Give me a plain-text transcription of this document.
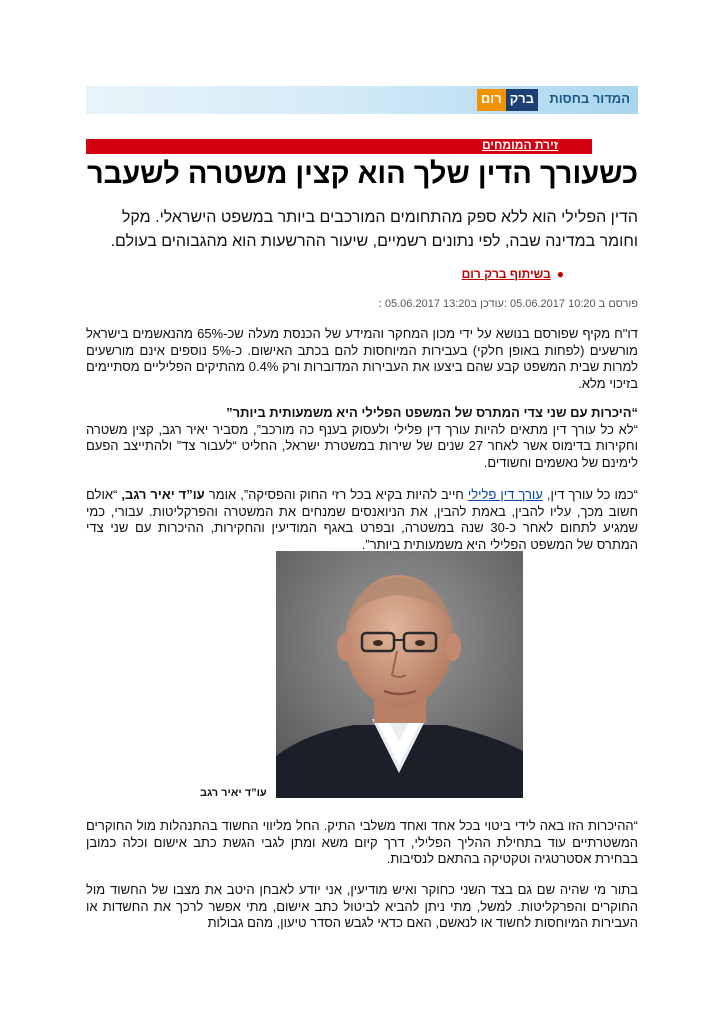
המדור בחסות
רום ברק
זירת המומחים
כשעורך הדין שלך הוא קצין משטרה לשעבר

הדין הפלילי הוא ללא ספק מהתחומים המורכבים ביותר במשפט הישראלי. מקל וחומר במדינה שבה, לפי נתונים רשמיים, שיעור ההרשעות הוא מהגבוהים בעולם.

●בשיתוף ברק רום
פורסם ב 10:20 05.06.2017 :עודכן ב13:20 05.06.2017 :

דו"ח מקיף שפורסם בנושא על ידי מכון המחקר והמידע של הכנסת מעלה שכ-65% מהנאשמים בישראל מורשעים (לפחות באופן חלקי) בעבירות המיוחסות להם בכתב האישום. כ-5% נוספים אינם מורשעים למרות שבית המשפט קבע שהם ביצעו את העבירות המדוברות ורק 0.4% מהתיקים הפליליים מסתיימים בזיכוי מלא.

“היכרות עם שני צדי המתרס של המשפט הפלילי היא משמעותית ביותר”
“לא כל עורך דין מתאים להיות עורך דין פלילי ולעסוק בענף כה מורכב”, מסביר יאיר רגב, קצין משטרה וחקירות בדימוס אשר לאחר 27 שנים של שירות במשטרת ישראל, החליט “לעבור צד” ולהתייצב הפעם לימינם של נאשמים וחשודים.

“כמו כל עורך דין, עורך דין פלילי חייב להיות בקיא בכל רזי החוק והפסיקה”, אומר עו”ד יאיר רגב, “אולם חשוב מכך, עליו להבין, באמת להבין, את הניואנסים שמנחים את המשטרה והפרקליטות. עבורי, כמי שמגיע לתחום לאחר כ-30 שנה במשטרה, ובפרט באגף המודיעין והחקירות, ההיכרות עם שני צדי המתרס של המשפט הפלילי היא משמעותית ביותר”.

עו”ד יאיר רגב

“ההיכרות הזו באה לידי ביטוי בכל אחד ואחד משלבי התיק. החל מליווי החשוד בהתנהלות מול החוקרים המשטרתיים עוד בתחילת ההליך הפלילי, דרך קיום משא ומתן לגבי הגשת כתב אישום וכלה כמובן בבחירת אסטרטגיה וטקטיקה בהתאם לנסיבות.

בתור מי שהיה שם גם בצד השני כחוקר ואיש מודיעין, אני יודע לאבחן היטב את מצבו של החשוד מול החוקרים והפרקליטות. למשל, מתי ניתן להביא לביטול כתב אישום, מתי אפשר לרכך את החשדות או העבירות המיוחסות לחשוד או לנאשם, האם כדאי לגבש הסדר טיעון, מהם גבולות
